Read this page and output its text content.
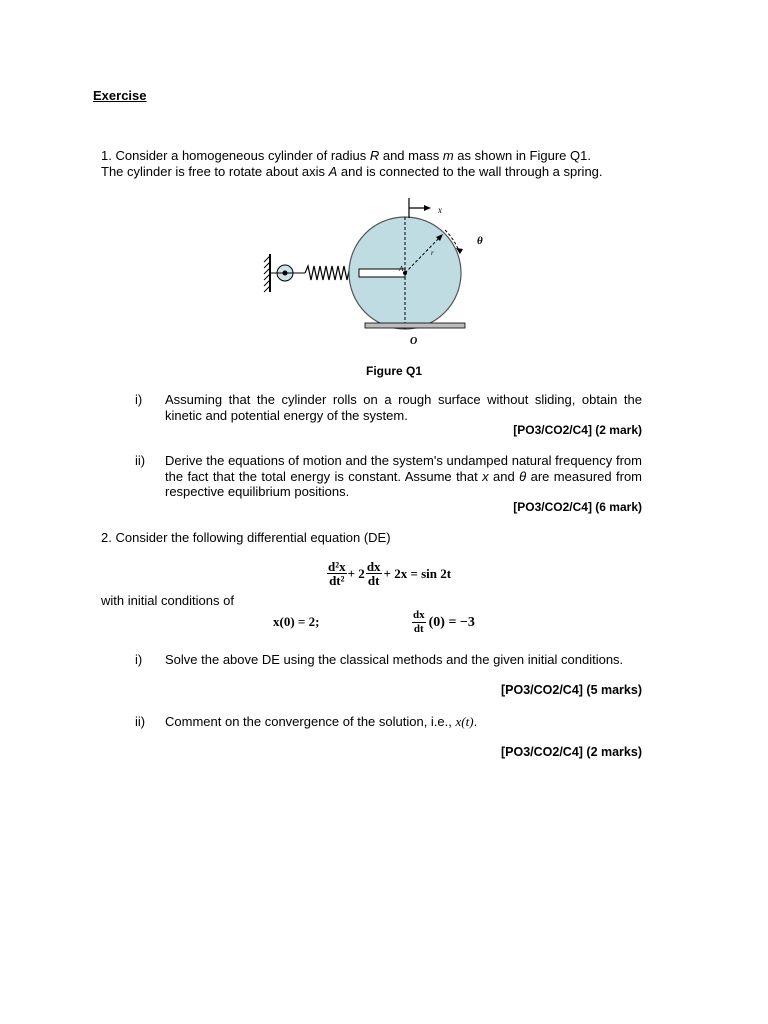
Exercise
1. Consider a homogeneous cylinder of radius R and mass m as shown in Figure Q1.
The cylinder is free to rotate about axis A and is connected to the wall through a spring.
x
θ
A
r
O
Figure Q1
i) Assuming that the cylinder rolls on a rough surface without sliding, obtain the kinetic and potential energy of the system.
[PO3/CO2/C4] (2 mark)
ii) Derive the equations of motion and the system's undamped natural frequency from the fact that the total energy is constant. Assume that x and θ are measured from respective equilibrium positions.
[PO3/CO2/C4] (6 mark)
2. Consider the following differential equation (DE)
$\frac{\text{d²x}}{\text{dt²}} + 2 \frac{dx}{dt} + 2x = \sin 2t$
with initial conditions of
x(0) = 2;	$\frac{dx}{dt} (0) = -3$
i) Solve the above DE using the classical methods and the given initial conditions.
[PO3/CO2/C4] (5 marks)
ii) Comment on the convergence of the solution, i.e., x(t).
[PO3/CO2/C4] (2 marks)
